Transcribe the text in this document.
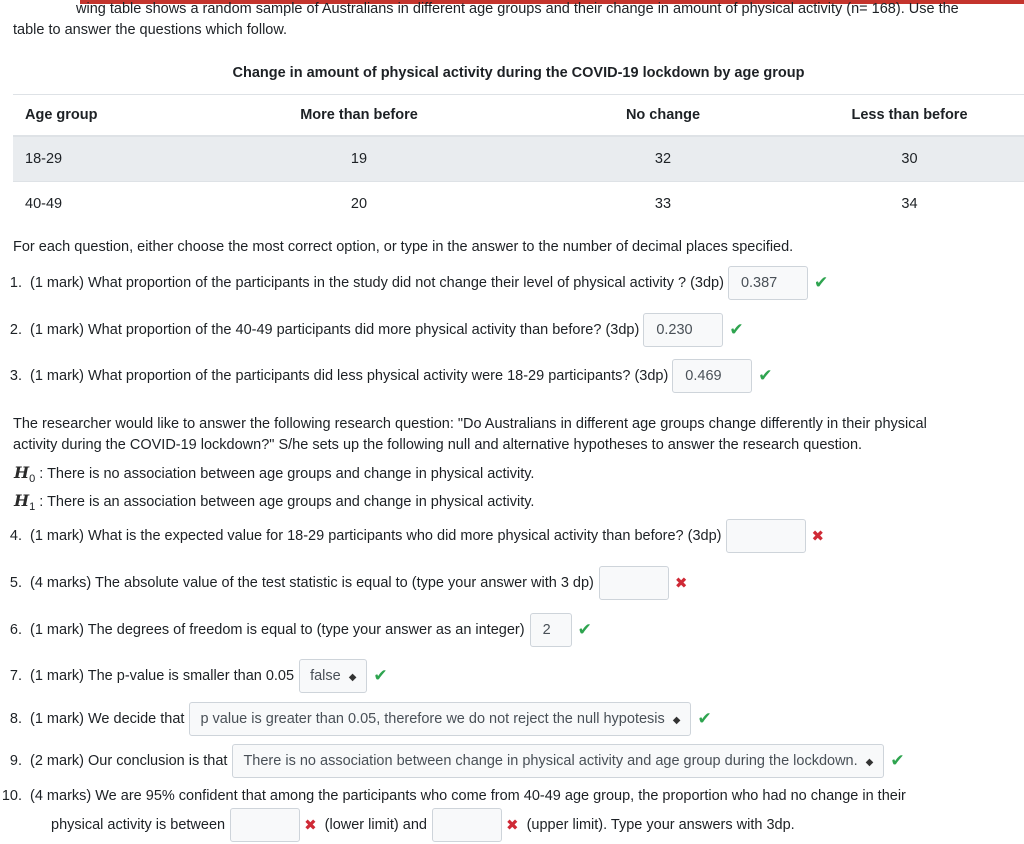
wing table shows a random sample of Australians in different age groups and their change in amount of physical activity (n= 168). Use the
table to answer the questions which follow.
Change in amount of physical activity during the COVID-19 lockdown by age group			
Age group	More than before	No change	Less than before
18-29	19	32	30
40-49	20	33	34
For each question, either choose the most correct option, or type in the answer to the number of decimal places specified.
1. (1 mark) What proportion of the participants in the study did not change their level of physical activity ? (3dp)	0.387	✔
2. (1 mark) What proportion of the 40-49 participants did more physical activity than before? (3dp)	0.230	✔
3. (1 mark) What proportion of the participants did less physical activity were 18-29 participants? (3dp)	0.469	✔
The researcher would like to answer the following research question: "Do Australians in different age groups change differently in their physical
activity during the COVID-19 lockdown?" S/he sets up the following null and alternative hypotheses to answer the research question.
$H_0$ : There is no association between age groups and change in physical activity.
$H_1$ : There is an association between age groups and change in physical activity.
4. (1 mark) What is the expected value for 18-29 participants who did more physical activity than before? (3dp)	✖
5. (4 marks) The absolute value of the test statistic is equal to (type your answer with 3 dp)	✖
6. (1 mark) The degrees of freedom is equal to (type your answer as an integer)	2	✔
7. (1 mark) The p-value is smaller than 0.05	false ◆	✔
8. (1 mark) We decide that	p value is greater than 0.05, therefore we do not reject the null hypotesis ◆	✔
9. (2 mark) Our conclusion is that	There is no association between change in physical activity and age group during the lockdown. ◆	✔
10. (4 marks) We are 95% confident that among the participants who come from 40-49 age group, the proportion who had no change in their
physical activity is between	✖ (lower limit) and	✖ (upper limit). Type your answers with 3dp.
